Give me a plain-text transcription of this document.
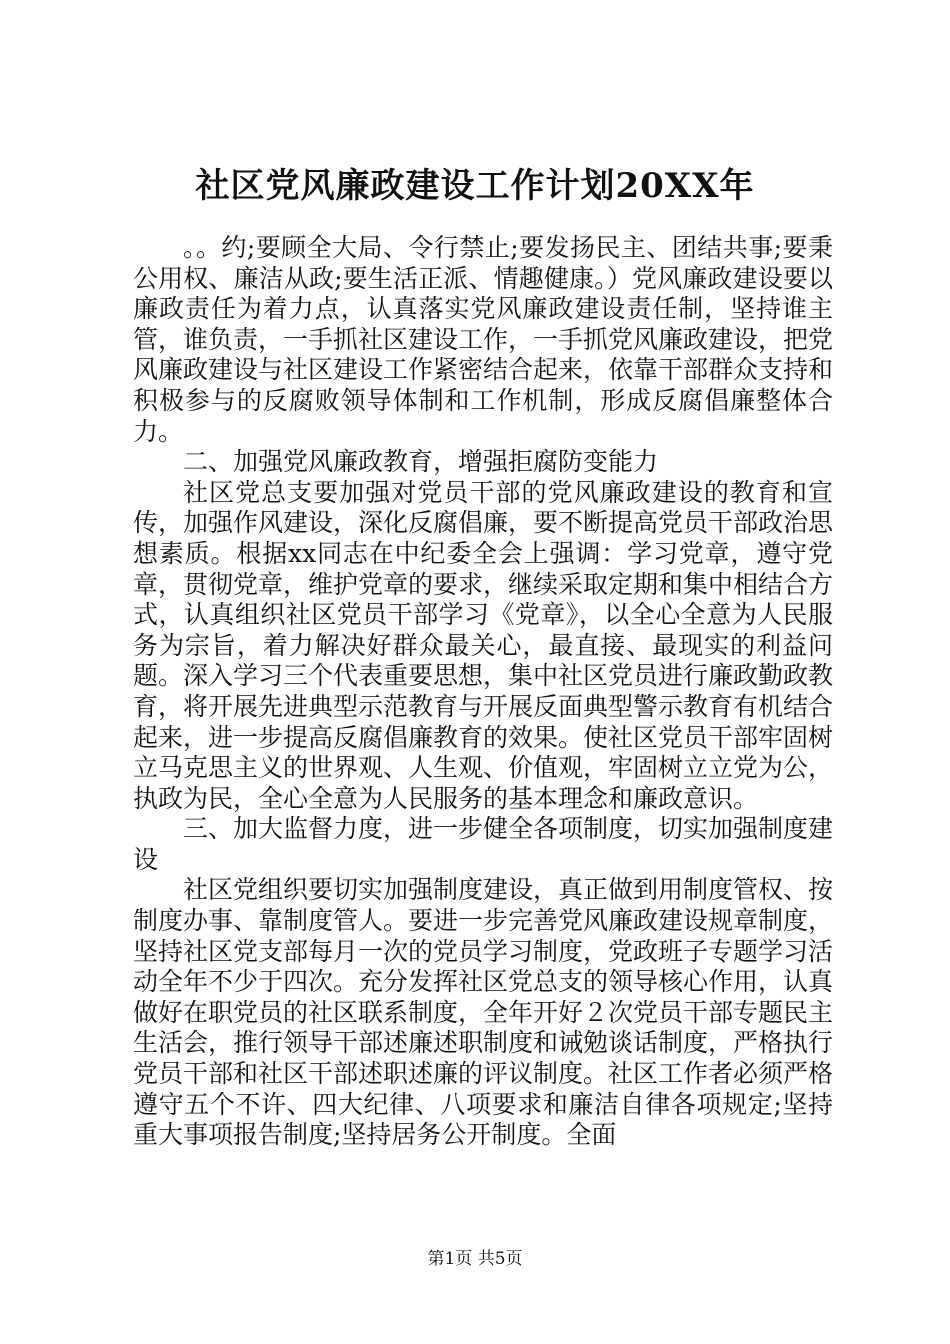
社区党风廉政建设工作计划20XX年

。。约;要顾全大局、令行禁止;要发扬民主、团结共事;要秉公用权、廉洁从政;要生活正派、情趣健康。）党风廉政建设要以廉政责任为着力点，认真落实党风廉政建设责任制，坚持谁主管，谁负责，一手抓社区建设工作，一手抓党风廉政建设，把党风廉政建设与社区建设工作紧密结合起来，依靠干部群众支持和积极参与的反腐败领导体制和工作机制，形成反腐倡廉整体合力。

二、加强党风廉政教育，增强拒腐防变能力

社区党总支要加强对党员干部的党风廉政建设的教育和宣传，加强作风建设，深化反腐倡廉，要不断提高党员干部政治思想素质。根据xx同志在中纪委全会上强调：学习党章，遵守党章，贯彻党章，维护党章的要求，继续采取定期和集中相结合方式，认真组织社区党员干部学习《党章》，以全心全意为人民服务为宗旨，着力解决好群众最关心，最直接、最现实的利益问题。深入学习三个代表重要思想，集中社区党员进行廉政勤政教育，将开展先进典型示范教育与开展反面典型警示教育有机结合起来，进一步提高反腐倡廉教育的效果。使社区党员干部牢固树立马克思主义的世界观、人生观、价值观，牢固树立立党为公，执政为民，全心全意为人民服务的基本理念和廉政意识。

三、加大监督力度，进一步健全各项制度，切实加强制度建设

社区党组织要切实加强制度建设，真正做到用制度管权、按制度办事、靠制度管人。要进一步完善党风廉政建设规章制度，坚持社区党支部每月一次的党员学习制度，党政班子专题学习活动全年不少于四次。充分发挥社区党总支的领导核心作用，认真做好在职党员的社区联系制度，全年开好２次党员干部专题民主生活会，推行领导干部述廉述职制度和诫勉谈话制度，严格执行党员干部和社区干部述职述廉的评议制度。社区工作者必须严格遵守五个不许、四大纪律、八项要求和廉洁自律各项规定;坚持重大事项报告制度;坚持居务公开制度。全面

第1页 共5页
